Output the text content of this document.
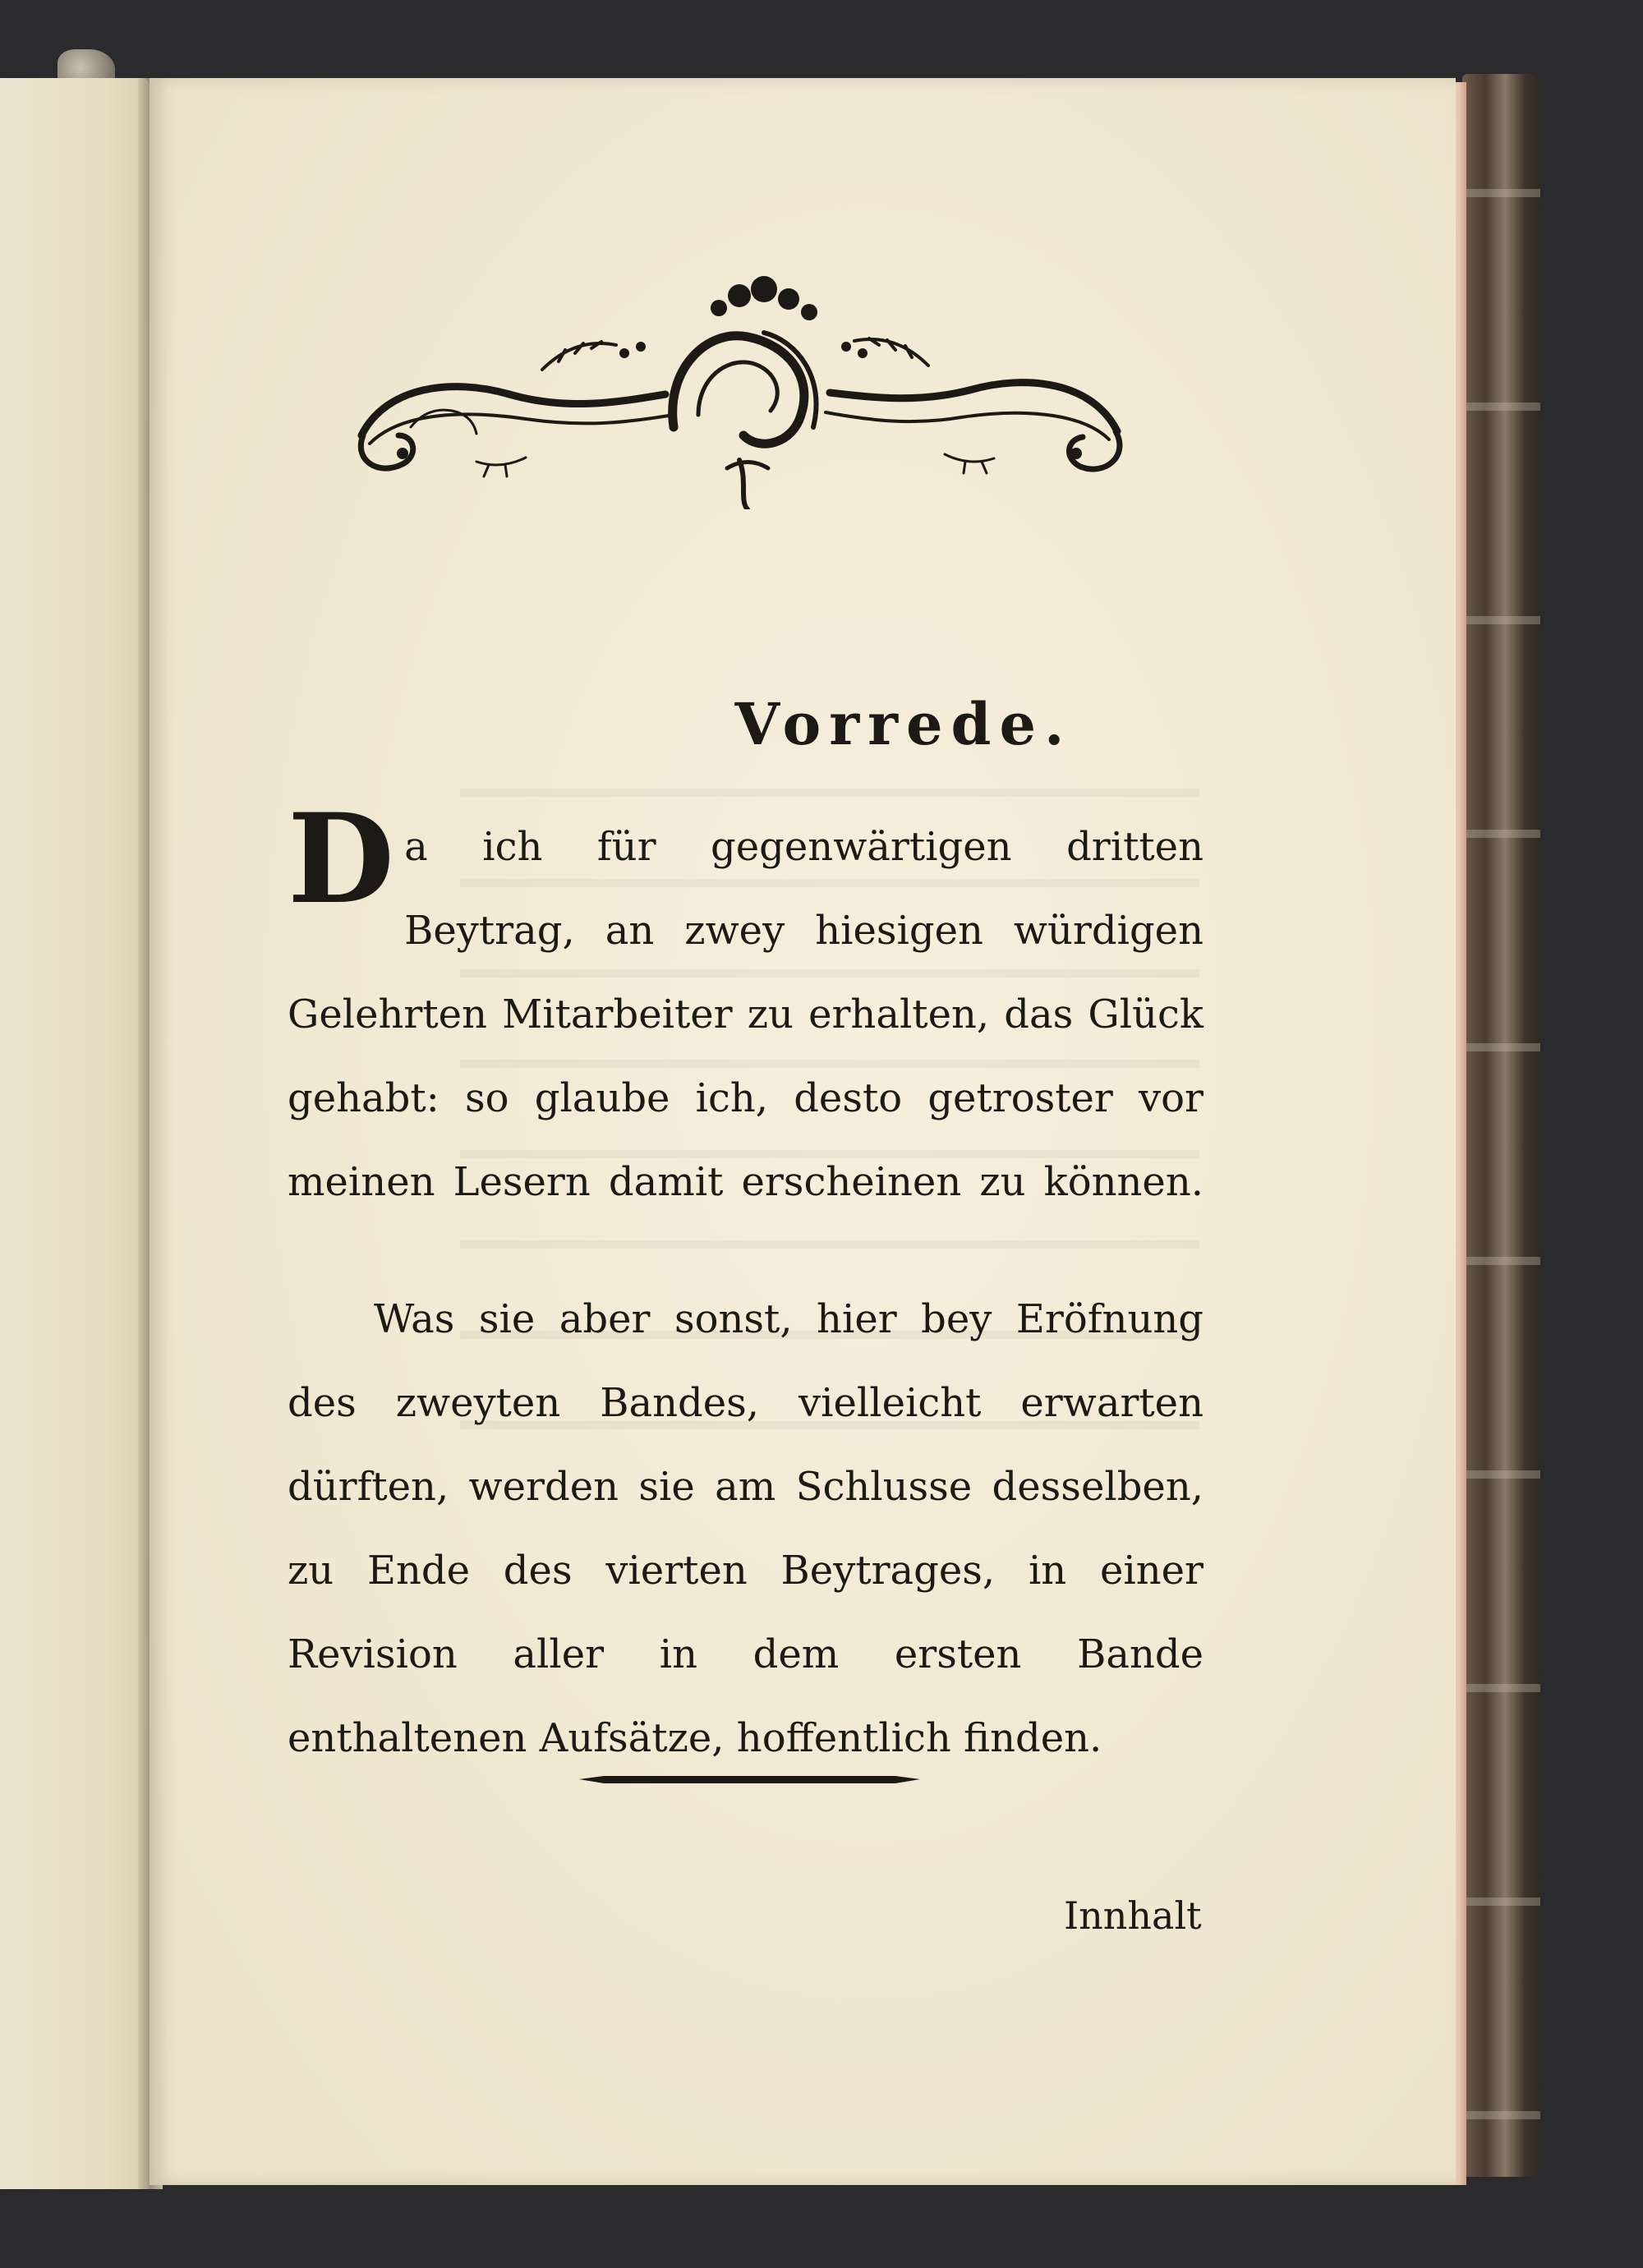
Vorrede.
D a ich für gegenwärtigen dritten Beytrag, an zwey hiesigen würdigen Gelehrten Mitarbeiter zu erhalten, das Glück gehabt: so glaube ich, desto getroster vor meinen Lesern damit erscheinen zu können.

Was sie aber sonst, hier bey Eröfnung des zweyten Bandes, vielleicht erwarten dürften, werden sie am Schlusse desselben, zu Ende des vierten Beytrages, in einer Revision aller in dem ersten Bande enthaltenen Aufsätze, hoffentlich finden.

Innhalt
